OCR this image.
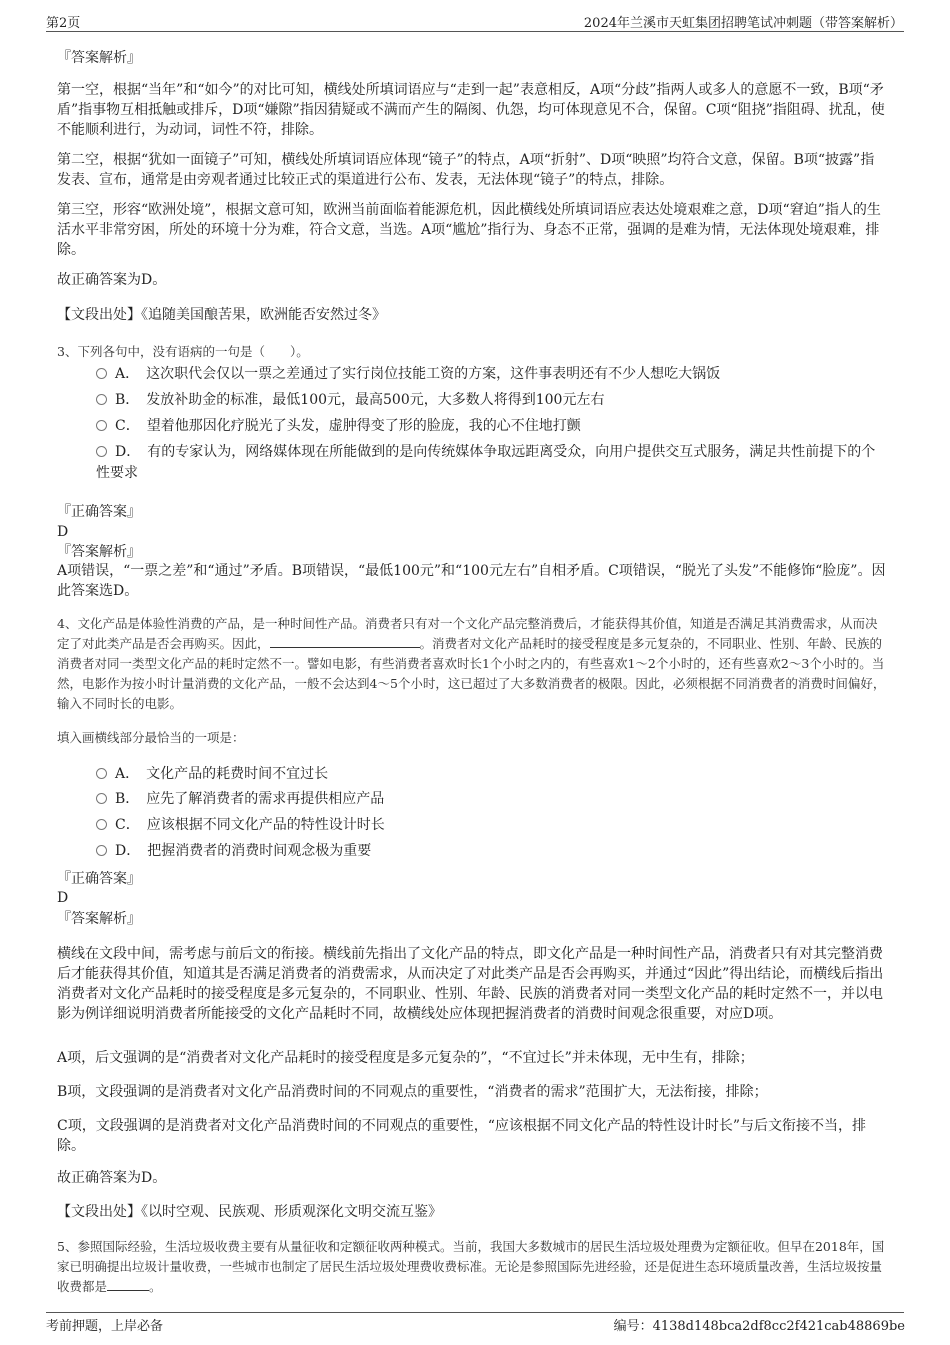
第2页	2024年兰溪市天虹集团招聘笔试冲刺题（带答案解析）
『答案解析』
第一空，根据“当年”和“如今”的对比可知，横线处所填词语应与“走到一起”表意相反，A项“分歧”指两人或多人的意愿不一致，B项“矛盾”指事物互相抵触或排斥，D项“嫌隙”指因猜疑或不满而产生的隔阂、仇怨，均可体现意见不合，保留。C项“阻挠”指阻碍、扰乱，使不能顺利进行，为动词，词性不符，排除。
第二空，根据“犹如一面镜子”可知，横线处所填词语应体现“镜子”的特点，A项“折射”、D项“映照”均符合文意，保留。B项“披露”指发表、宣布，通常是由旁观者通过比较正式的渠道进行公布、发表，无法体现“镜子”的特点，排除。
第三空，形容“欧洲处境”，根据文意可知，欧洲当前面临着能源危机，因此横线处所填词语应表达处境艰难之意，D项“窘迫”指人的生活水平非常穷困，所处的环境十分为难，符合文意，当选。A项“尴尬”指行为、身态不正常，强调的是难为情，无法体现处境艰难，排除。
故正确答案为D。
【文段出处】《追随美国酿苦果，欧洲能否安然过冬》
3、下列各句中，没有语病的一句是（　　）。
A．　这次职代会仅以一票之差通过了实行岗位技能工资的方案，这件事表明还有不少人想吃大锅饭
B．　发放补助金的标准，最低100元，最高500元，大多数人将得到100元左右
C．　望着他那因化疗脱光了头发，虚肿得变了形的脸庞，我的心不住地打颤
D．　有的专家认为，网络媒体现在所能做到的是向传统媒体争取远距离受众，向用户提供交互式服务，满足共性前提下的个性要求
『正确答案』
D
『答案解析』
A项错误，“一票之差”和“通过”矛盾。B项错误，“最低100元”和“100元左右”自相矛盾。C项错误，“脱光了头发”不能修饰“脸庞”。因此答案选D。
4、文化产品是体验性消费的产品，是一种时间性产品。消费者只有对一个文化产品完整消费后，才能获得其价值，知道是否满足其消费需求，从而决定了对此类产品是否会再购买。因此，	。消费者对文化产品耗时的接受程度是多元复杂的，不同职业、性别、年龄、民族的消费者对同一类型文化产品的耗时定然不一。譬如电影，有些消费者喜欢时长1个小时之内的，有些喜欢1～2个小时的，还有些喜欢2～3个小时的。当然，电影作为按小时计量消费的文化产品，一般不会达到4～5个小时，这已超过了大多数消费者的极限。因此，必须根据不同消费者的消费时间偏好，输入不同时长的电影。
填入画横线部分最恰当的一项是：
A．　文化产品的耗费时间不宜过长
B．　应先了解消费者的需求再提供相应产品
C．　应该根据不同文化产品的特性设计时长
D．　把握消费者的消费时间观念极为重要
『正确答案』
D
『答案解析』
横线在文段中间，需考虑与前后文的衔接。横线前先指出了文化产品的特点，即文化产品是一种时间性产品，消费者只有对其完整消费后才能获得其价值，知道其是否满足消费者的消费需求，从而决定了对此类产品是否会再购买，并通过“因此”得出结论，而横线后指出消费者对文化产品耗时的接受程度是多元复杂的，不同职业、性别、年龄、民族的消费者对同一类型文化产品的耗时定然不一，并以电影为例详细说明消费者所能接受的文化产品耗时不同，故横线处应体现把握消费者的消费时间观念很重要，对应D项。
A项，后文强调的是“消费者对文化产品耗时的接受程度是多元复杂的”，“不宜过长”并未体现，无中生有，排除；
B项，文段强调的是消费者对文化产品消费时间的不同观点的重要性，“消费者的需求”范围扩大，无法衔接，排除；
C项，文段强调的是消费者对文化产品消费时间的不同观点的重要性，“应该根据不同文化产品的特性设计时长”与后文衔接不当，排除。
故正确答案为D。
【文段出处】《以时空观、民族观、形质观深化文明交流互鉴》
5、参照国际经验，生活垃圾收费主要有从量征收和定额征收两种模式。当前，我国大多数城市的居民生活垃圾处理费为定额征收。但早在2018年，国家已明确提出垃圾计量收费，一些城市也制定了居民生活垃圾处理费收费标准。无论是参照国际先进经验，还是促进生态环境质量改善，生活垃圾按量收费都是	。
考前押题，上岸必备	编号：4138d148bca2df8cc2f421cab48869be
